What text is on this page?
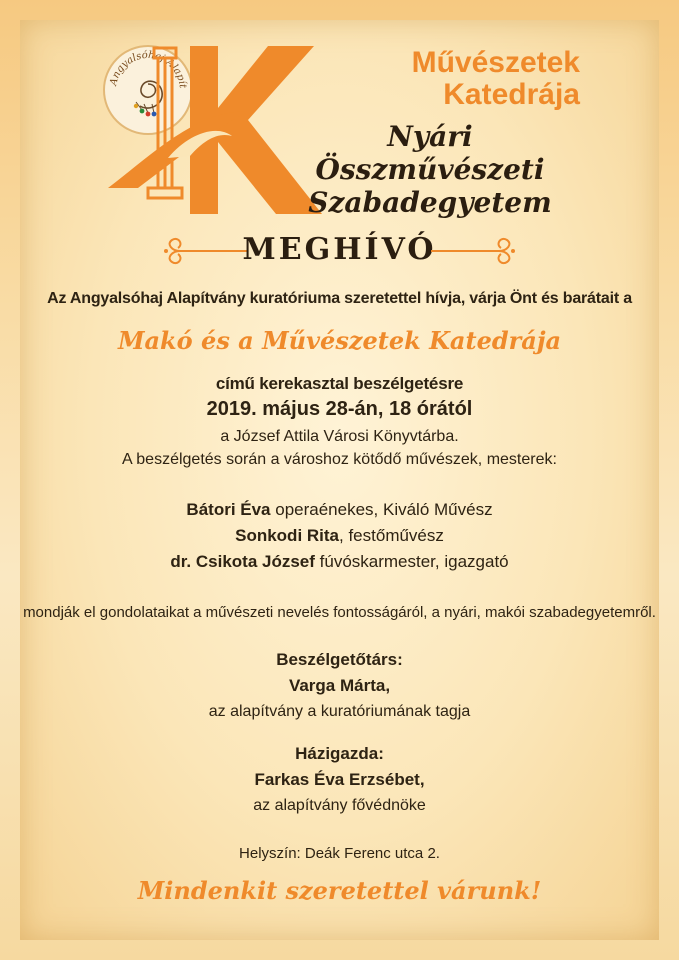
Angyalsóhaj Alapít
Művészetek
Katedrája
Nyári Összművészeti
Szabadegyetem
MEGHÍVÓ
Az Angyalsóhaj Alapítvány kuratóriuma szeretettel hívja, várja Önt és barátait a
Makó és a Művészetek Katedrája
című kerekasztal beszélgetésre
2019. május 28-án, 18 órától
a József Attila Városi Könyvtárba.
A beszélgetés során a városhoz kötődő művészek, mesterek:
Bátori Éva operaénekes, Kiváló Művész
Sonkodi Rita, festőművész
dr. Csikota József fúvóskarmester, igazgató
mondják el gondolataikat a művészeti nevelés fontosságáról, a nyári, makói szabadegyetemről.
Beszélgetőtárs:
Varga Márta,
az alapítvány a kuratóriumának tagja
Házigazda:
Farkas Éva Erzsébet,
az alapítvány fővédnöke
Helyszín: Deák Ferenc utca 2.
Mindenkit szeretettel várunk!
